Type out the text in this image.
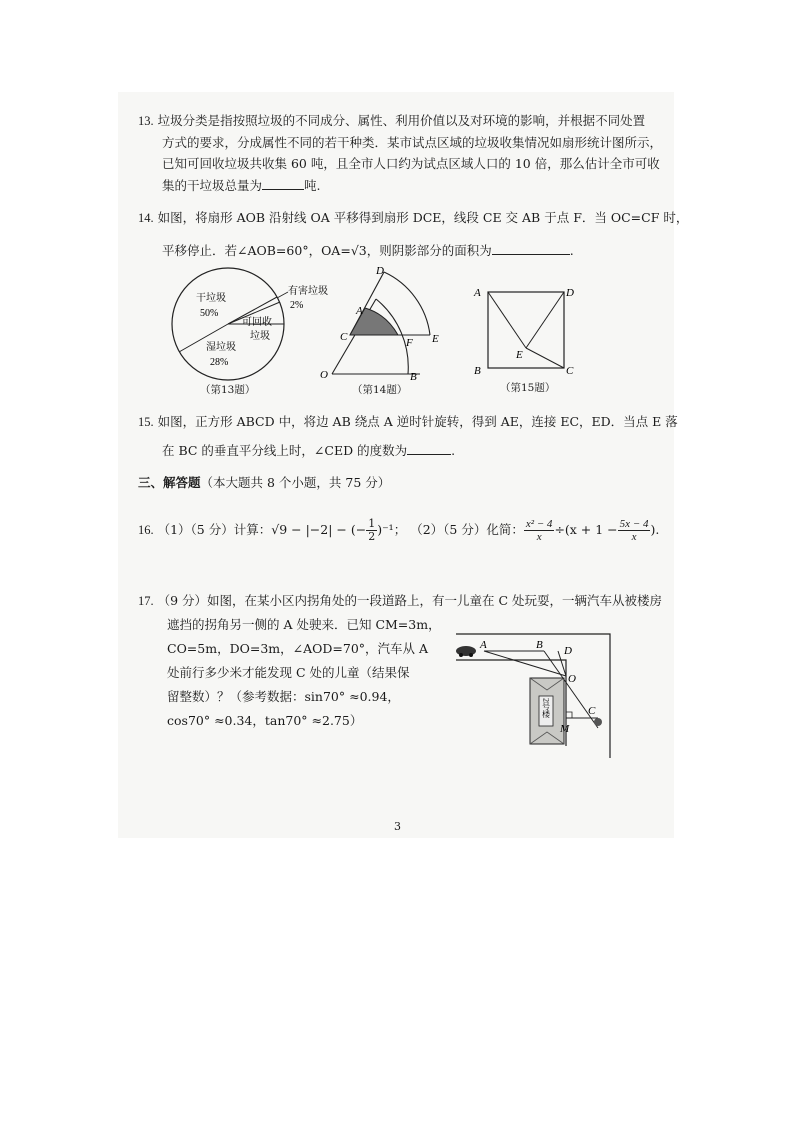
13. 垃圾分类是指按照垃圾的不同成分、属性、利用价值以及对环境的影响，并根据不同处置
方式的要求，分成属性不同的若干种类．某市试点区域的垃圾收集情况如扇形统计图所示，
已知可回收垃圾共收集 60 吨，且全市人口约为试点区域人口的 10 倍，那么估计全市可收
集的干垃圾总量为	吨.
14. 如图，将扇形 AOB 沿射线 OA 平移得到扇形 DCE，线段 CE 交 AB 于点 F．当 OC=CF 时，
平移停止．若∠AOB=60°，OA=√3，则阴影部分的面积为	.
干垃圾
50%
有害垃圾
2%
可回收
垃圾
湿垃圾
28%
（第13题）
D
A
C	E
F
O	B
（第14题）
A	D
E
B	C
（第15题）
15. 如图，正方形 ABCD 中，将边 AB 绕点 A 逆时针旋转，得到 AE，连接 EC，ED．当点 E 落
在 BC 的垂直平分线上时，∠CED 的度数为	.
三、解答题（本大题共 8 个小题，共 75 分）
16. （1）（5 分）计算：√9 − |−2| − (− $\frac{1}{2} )^{-1}$； （2）（5 分）化简： $\frac{\text{x² − 4}}{x} \div(x + 1 - \frac{5x - 4}{x}$ ).
17. （9 分）如图，在某小区内拐角处的一段道路上，有一儿童在 C 处玩耍，一辆汽车从被楼房
遮挡的拐角另一侧的 A 处驶来．已知 CM=3m，
CO=5m，DO=3m，∠AOD=70°，汽车从 A
处前行多少米才能发现 C 处的儿童（结果保
留整数）？（参考数据：sin70° ≈0.94，
cos70° ≈0.34，tan70° ≈2.75）
2号楼
A	B D
O
C
M
3
